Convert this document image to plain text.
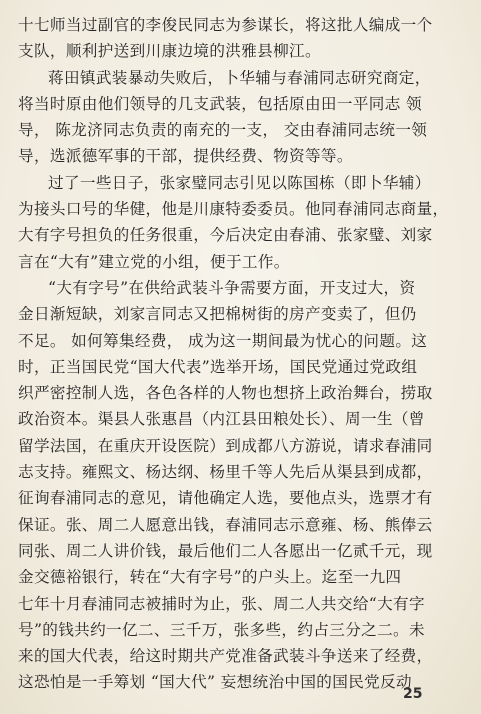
十七师当过副官的李俊民同志为参谋长，将这批人编成一个
支队，顺利护送到川康边境的洪雅县柳江。
蒋田镇武装暴动失败后，卜华辅与春浦同志研究商定，
将当时原由他们领导的几支武装，包括原由田一平同志 领
导， 陈龙济同志负责的南充的一支， 交由春浦同志统一领
导，选派德军事的干部，提供经费、物资等等。
过了一些日子，张家璧同志引见以陈国栋（即卜华辅）
为接头口号的华健，他是川康特委委员。他同春浦同志商量，
大有字号担负的任务很重，今后决定由春浦、张家璧、刘家
言在“大有”建立党的小组，便于工作。
“大有字号”在供给武装斗争需要方面，开支过大，资
金日渐短缺，刘家言同志又把棉树街的房产变卖了，但仍
不足。 如何筹集经费， 成为这一期间最为忧心的问题。这
时，正当国民党“国大代表”选举开场，国民党通过党政组
织严密控制人选，各色各样的人物也想挤上政治舞台，捞取
政治资本。渠县人张惠昌（内江县田粮处长）、周一生（曾
留学法国，在重庆开设医院）到成都八方游说，请求春浦同
志支持。雍熙文、杨达纲、杨里千等人先后从渠县到成都，
征询春浦同志的意见，请他确定人选，要他点头，选票才有
保证。张、周二人愿意出钱，春浦同志示意雍、杨、熊俸云
同张、周二人讲价钱，最后他们二人各愿出一亿贰千元，现
金交德裕银行，转在“大有字号”的户头上。迄至一九四
七年十月春浦同志被捕时为止，张、周二人共交给“大有字
号”的钱共约一亿二、三千万，张多些，约占三分之二。未
来的国大代表，给这时期共产党准备武装斗争送来了经费，
这恐怕是一手筹划 “国大代” 妄想统治中国的国民党反动
25
